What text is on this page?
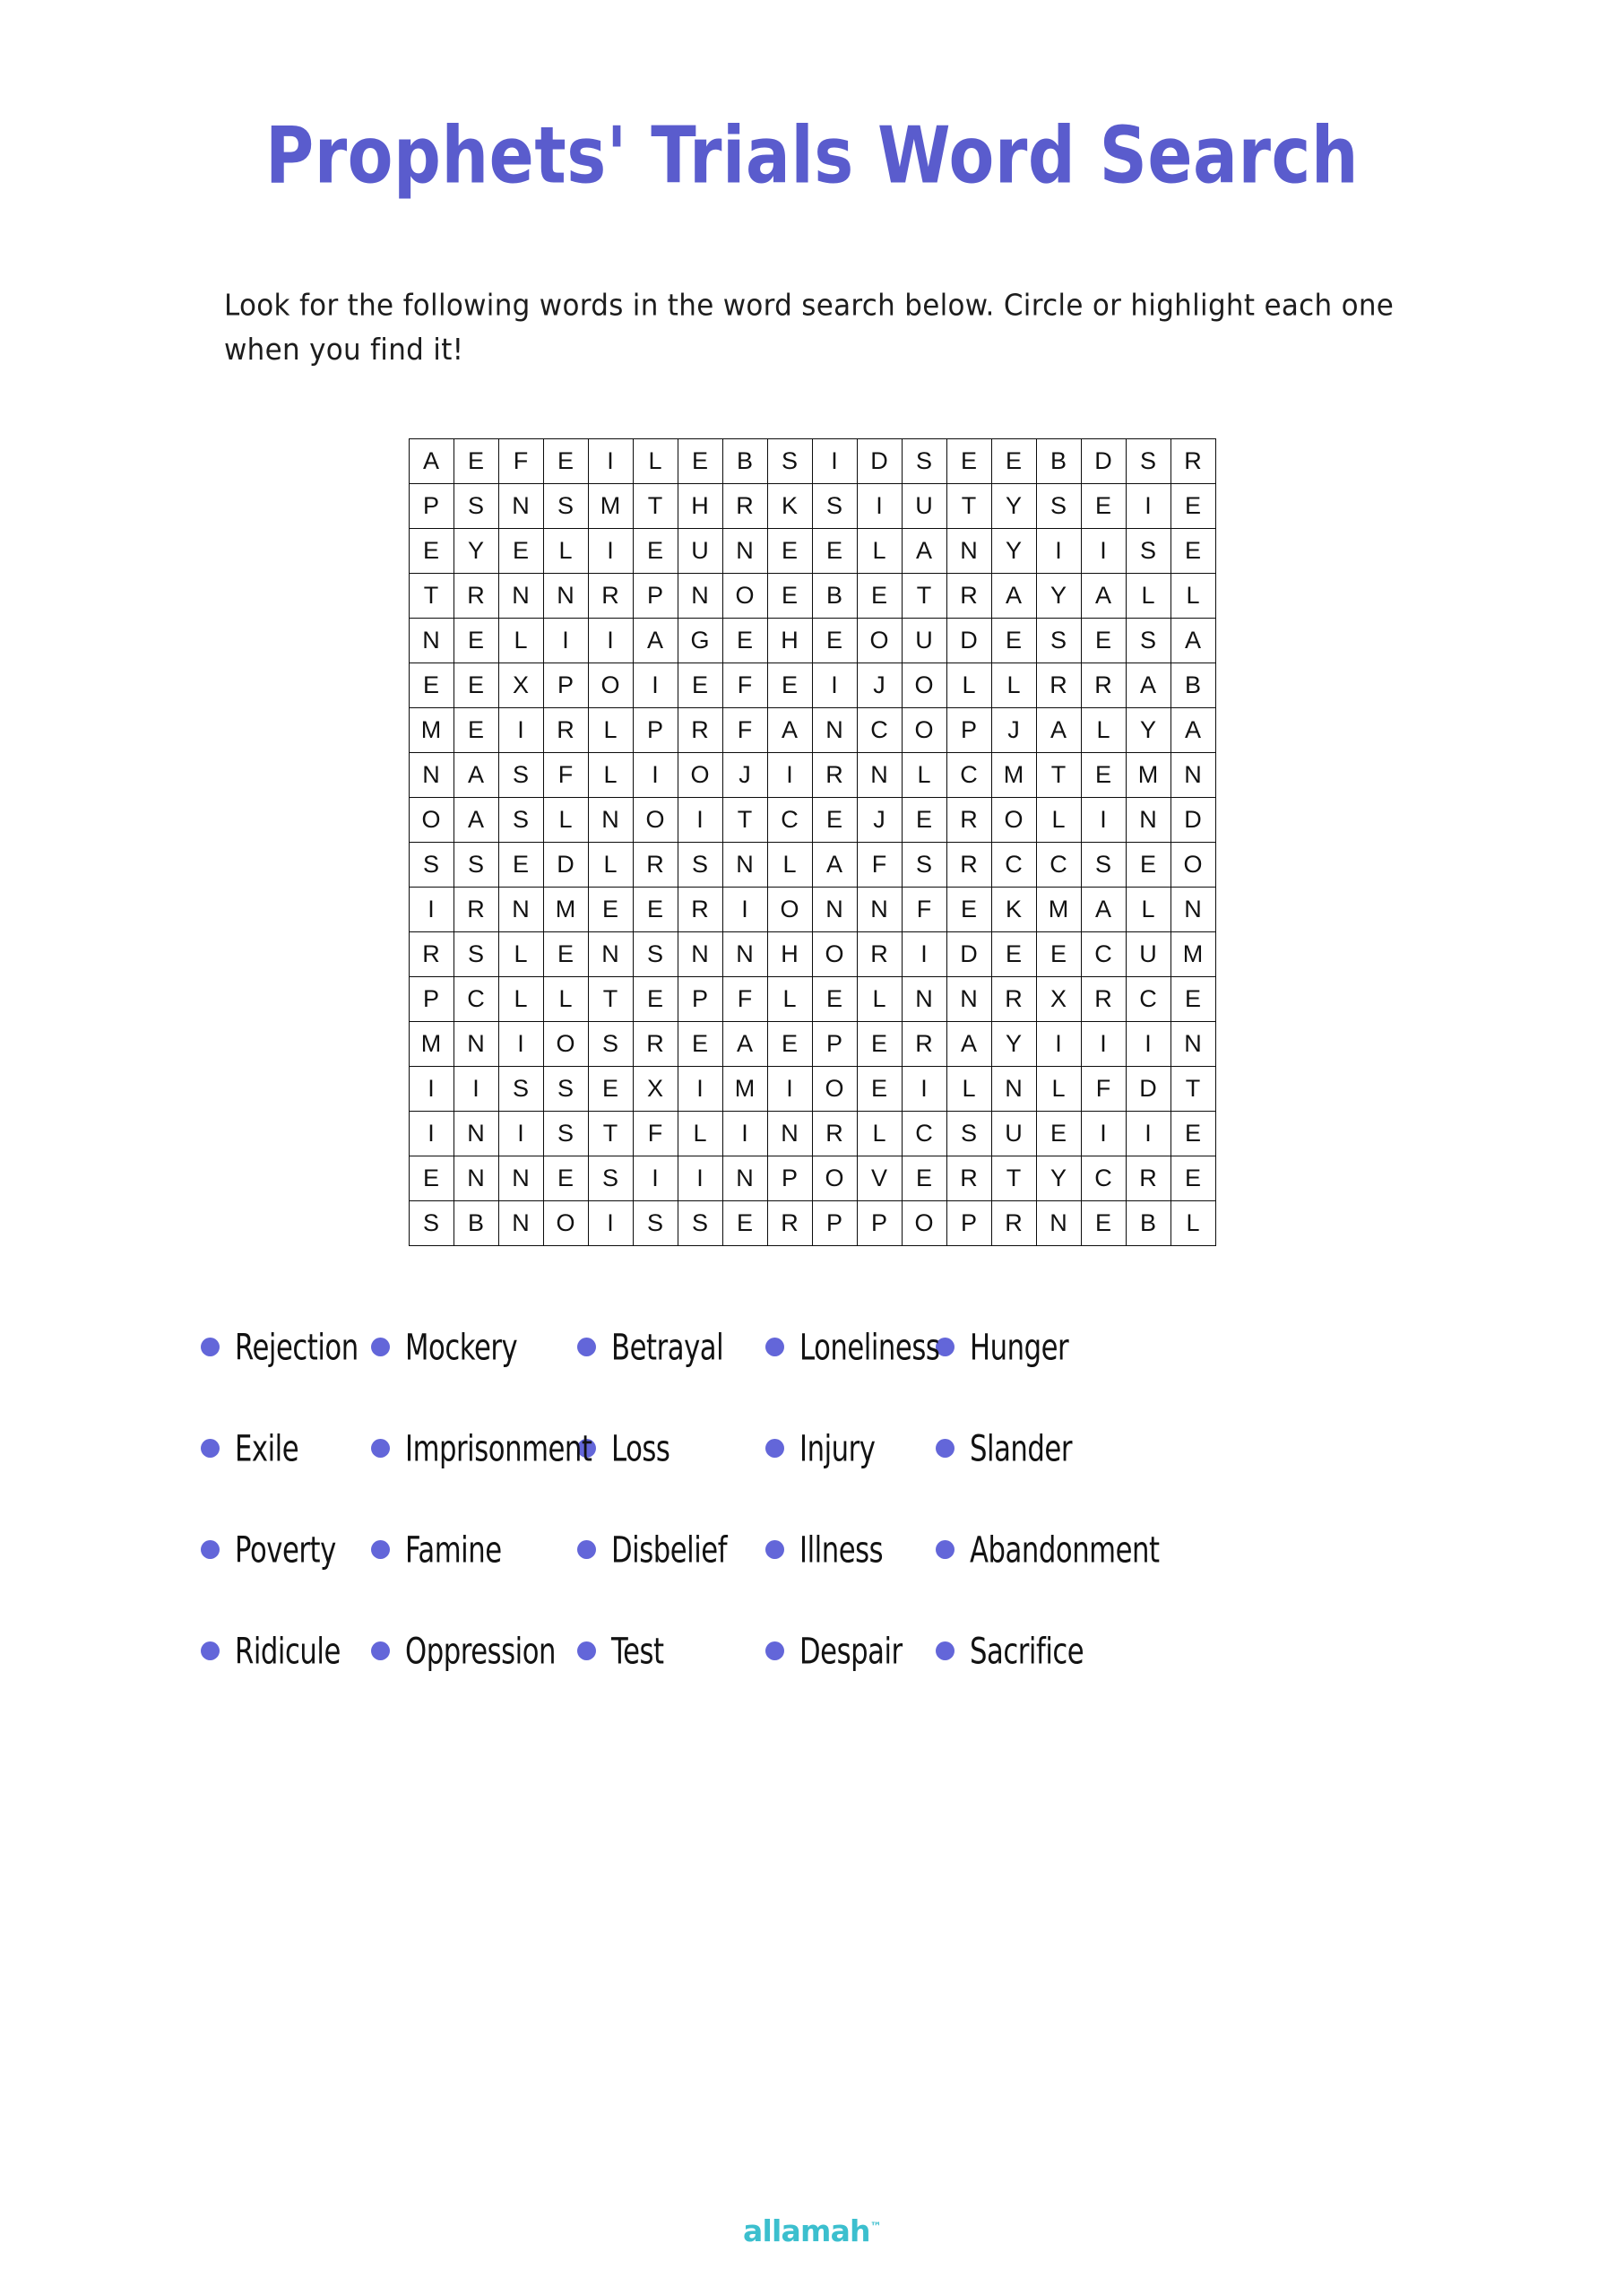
Prophets' Trials Word Search

Look for the following words in the word search below. Circle or highlight each one when you find it!

A	E	F	E	I	L	E	B	S	I	D	S	E	E	B	D	S	R
P	S	N	S	M	T	H	R	K	S	I	U	T	Y	S	E	I	E
E	Y	E	L	I	E	U	N	E	E	L	A	N	Y	I	I	S	E
T	R	N	N	R	P	N	O	E	B	E	T	R	A	Y	A	L	L
N	E	L	I	I	A	G	E	H	E	O	U	D	E	S	E	S	A
E	E	X	P	O	I	E	F	E	I	J	O	L	L	R	R	A	B
M	E	I	R	L	P	R	F	A	N	C	O	P	J	A	L	Y	A
N	A	S	F	L	I	O	J	I	R	N	L	C	M	T	E	M	N
O	A	S	L	N	O	I	T	C	E	J	E	R	O	L	I	N	D
S	S	E	D	L	R	S	N	L	A	F	S	R	C	C	S	E	O
I	R	N	M	E	E	R	I	O	N	N	F	E	K	M	A	L	N
R	S	L	E	N	S	N	N	H	O	R	I	D	E	E	C	U	M
P	C	L	L	T	E	P	F	L	E	L	N	N	R	X	R	C	E
M	N	I	O	S	R	E	A	E	P	E	R	A	Y	I	I	I	N
I	I	S	S	E	X	I	M	I	O	E	I	L	N	L	F	D	T
I	N	I	S	T	F	L	I	N	R	L	C	S	U	E	I	I	E
E	N	N	E	S	I	I	N	P	O	V	E	R	T	Y	C	R	E
S	B	N	O	I	S	S	E	R	P	P	O	P	R	N	E	B	L
Rejection Mockery	Betrayal	Loneliness Hunger
Exile	Imprisonment Loss	Injury	Slander
Poverty Famine	Disbelief Illness	Abandonment
Ridicule Oppression Test	Despair Sacrifice
allamah™
